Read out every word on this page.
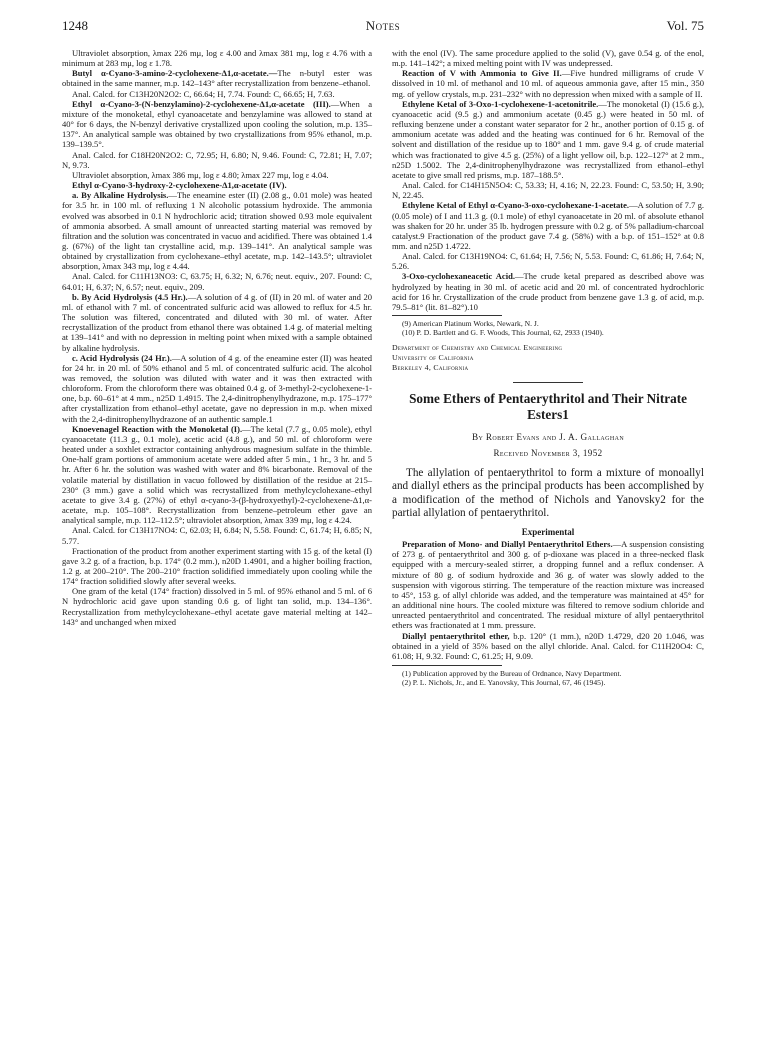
1248	Notes	Vol. 75

Ultraviolet absorption, λmax 226 mμ, log ε 4.00 and λmax 381 mμ, log ε 4.76 with a minimum at 283 mμ, log ε 1.78.

Butyl α-Cyano-3-amino-2-cyclohexene-Δ1,α-acetate.—The n-butyl ester was obtained in the same manner, m.p. 142–143° after recrystallization from benzene–ethanol.

Anal. Calcd. for C13H20N2O2: C, 66.64; H, 7.74. Found: C, 66.65; H, 7.63.

Ethyl α-Cyano-3-(N-benzylamino)-2-cyclohexene-Δ1,α-acetate (III).—When a mixture of the monoketal, ethyl cyanoacetate and benzylamine was allowed to stand at 40° for 6 days, the N-benzyl derivative crystallized upon cooling the solution, m.p. 135–137°. An analytical sample was obtained by two crystallizations from 95% ethanol, m.p. 139–139.5°.

Anal. Calcd. for C18H20N2O2: C, 72.95; H, 6.80; N, 9.46. Found: C, 72.81; H, 7.07; N, 9.73.

Ultraviolet absorption, λmax 386 mμ, log ε 4.80; λmax 227 mμ, log ε 4.04.

Ethyl α-Cyano-3-hydroxy-2-cyclohexene-Δ1,α-acetate (IV).

a. By Alkaline Hydrolysis.—The eneamine ester (II) (2.08 g., 0.01 mole) was heated for 3.5 hr. in 100 ml. of refluxing 1 N alcoholic potassium hydroxide. The ammonia evolved was absorbed in 0.1 N hydrochloric acid; titration showed 0.93 mole equivalent of ammonia absorbed. A small amount of unreacted starting material was removed by filtration and the solution was concentrated in vacuo and acidified. There was obtained 1.4 g. (67%) of the light tan crystalline acid, m.p. 139–141°. An analytical sample was obtained by crystallization from cyclohexane–ethyl acetate, m.p. 142–143.5°; ultraviolet absorption, λmax 343 mμ, log ε 4.44.

Anal. Calcd. for C11H13NO3: C, 63.75; H, 6.32; N, 6.76; neut. equiv., 207. Found: C, 64.01; H, 6.37; N, 6.57; neut. equiv., 209.

b. By Acid Hydrolysis (4.5 Hr.).—A solution of 4 g. of (II) in 20 ml. of water and 20 ml. of ethanol with 7 ml. of concentrated sulfuric acid was allowed to reflux for 4.5 hr. The solution was filtered, concentrated and diluted with 30 ml. of water. After recrystallization of the product from ethanol there was obtained 1.4 g. of material melting at 139–141° and with no depression in melting point when mixed with a sample obtained by alkaline hydrolysis.

c. Acid Hydrolysis (24 Hr.).—A solution of 4 g. of the eneamine ester (II) was heated for 24 hr. in 20 ml. of 50% ethanol and 5 ml. of concentrated sulfuric acid. The alcohol was removed, the solution was diluted with water and it was then extracted with chloroform. From the chloroform there was obtained 0.4 g. of 3-methyl-2-cyclohexene-1-one, b.p. 60–61° at 4 mm., n25D 1.4915. The 2,4-dinitrophenylhydrazone, m.p. 175–177° after crystallization from ethanol–ethyl acetate, gave no depression in m.p. when mixed with the 2,4-dinitrophenylhydrazone of an authentic sample.1

Knoevenagel Reaction with the Monoketal (I).—The ketal (7.7 g., 0.05 mole), ethyl cyanoacetate (11.3 g., 0.1 mole), acetic acid (4.8 g.), and 50 ml. of chloroform were heated under a soxhlet extractor containing anhydrous magnesium sulfate in the thimble. One-half gram portions of ammonium acetate were added after 5 min., 1 hr., 3 hr. and 5 hr. After 6 hr. the solution was washed with water and 8% bicarbonate. Removal of the volatile material by distillation in vacuo followed by distillation of the residue at 215–230° (3 mm.) gave a solid which was recrystallized from methylcyclohexane–ethyl acetate to give 3.4 g. (27%) of ethyl α-cyano-3-(β-hydroxyethyl)-2-cyclohexene-Δ1,α-acetate, m.p. 105–108°. Recrystallization from benzene–petroleum ether gave an analytical sample, m.p. 112–112.5°; ultraviolet absorption, λmax 339 mμ, log ε 4.24.

Anal. Calcd. for C13H17NO4: C, 62.03; H, 6.84; N, 5.58. Found: C, 61.74; H, 6.85; N, 5.77.

Fractionation of the product from another experiment starting with 15 g. of the ketal (I) gave 3.2 g. of a fraction, b.p. 174° (0.2 mm.), n20D 1.4901, and a higher boiling fraction, 1.2 g. at 200–210°. The 200–210° fraction solidified immediately upon cooling while the 174° fraction solidified slowly after several weeks.

One gram of the ketal (174° fraction) dissolved in 5 ml. of 95% ethanol and 5 ml. of 6 N hydrochloric acid gave upon standing 0.6 g. of light tan solid, m.p. 134–136°. Recrystallization from methylcyclohexane–ethyl acetate gave material melting at 142–143° and unchanged when mixed

with the enol (IV). The same procedure applied to the solid (V), gave 0.54 g. of the enol, m.p. 141–142°; a mixed melting point with IV was undepressed.

Reaction of V with Ammonia to Give II.—Five hundred milligrams of crude V dissolved in 10 ml. of methanol and 10 ml. of aqueous ammonia gave, after 15 min., 350 mg. of yellow crystals, m.p. 231–232° with no depression when mixed with a sample of II.

Ethylene Ketal of 3-Oxo-1-cyclohexene-1-acetonitrile.—The monoketal (I) (15.6 g.), cyanoacetic acid (9.5 g.) and ammonium acetate (0.45 g.) were heated in 50 ml. of refluxing benzene under a constant water separator for 2 hr., another portion of 0.15 g. of ammonium acetate was added and the heating was continued for 6 hr. Removal of the solvent and distillation of the residue up to 180° and 1 mm. gave 9.4 g. of crude material which was fractionated to give 4.5 g. (25%) of a light yellow oil, b.p. 122–127° at 2 mm., n25D 1.5002. The 2,4-dinitrophenylhydrazone was recrystallized from ethanol–ethyl acetate to give small red prisms, m.p. 187–188.5°.

Anal. Calcd. for C14H15N5O4: C, 53.33; H, 4.16; N, 22.23. Found: C, 53.50; H, 3.90; N, 22.45.

Ethylene Ketal of Ethyl α-Cyano-3-oxo-cyclohexane-1-acetate.—A solution of 7.7 g. (0.05 mole) of I and 11.3 g. (0.1 mole) of ethyl cyanoacetate in 20 ml. of absolute ethanol was shaken for 20 hr. under 35 lb. hydrogen pressure with 0.2 g. of 5% palladium-charcoal catalyst.9 Fractionation of the product gave 7.4 g. (58%) with a b.p. of 151–152° at 0.8 mm. and n25D 1.4722.

Anal. Calcd. for C13H19NO4: C, 61.64; H, 7.56; N, 5.53. Found: C, 61.86; H, 7.64; N, 5.26.

3-Oxo-cyclohexaneacetic Acid.—The crude ketal prepared as described above was hydrolyzed by heating in 30 ml. of acetic acid and 20 ml. of concentrated hydrochloric acid for 16 hr. Crystallization of the crude product from benzene gave 1.3 g. of acid, m.p. 79.5–81° (lit. 81–82°).10

(9) American Platinum Works, Newark, N. J.

(10) P. D. Bartlett and G. F. Woods, This Journal, 62, 2933 (1940).

Department of Chemistry and Chemical Engineering
University of California
Berkeley 4, California
Some Ethers of Pentaerythritol and Their Nitrate Esters1
By Robert Evans and J. A. Gallaghan
Received November 3, 1952

The allylation of pentaerythritol to form a mixture of monoallyl and diallyl ethers as the principal products has been accomplished by a modification of the method of Nichols and Yanovsky2 for the partial allylation of pentaerythritol.

Experimental

Preparation of Mono- and Diallyl Pentaerythritol Ethers.—A suspension consisting of 273 g. of pentaerythritol and 300 g. of p-dioxane was placed in a three-necked flask equipped with a mercury-sealed stirrer, a dropping funnel and a reflux condenser. A mixture of 80 g. of sodium hydroxide and 36 g. of water was slowly added to the suspension with vigorous stirring. The temperature of the reaction mixture was increased to 45°, 153 g. of allyl chloride was added, and the temperature was maintained at 45° for an additional nine hours. The cooled mixture was filtered to remove sodium chloride and unreacted pentaerythritol and concentrated. The residual mixture of allyl pentaerythritol ethers was fractionated at 1 mm. pressure.

Diallyl pentaerythritol ether, b.p. 120° (1 mm.), n20D 1.4729, d20 20 1.046, was obtained in a yield of 35% based on the allyl chloride. Anal. Calcd. for C11H20O4: C, 61.08; H, 9.32. Found: C, 61.25; H, 9.09.

(1) Publication approved by the Bureau of Ordnance, Navy Department.

(2) P. L. Nichols, Jr., and E. Yanovsky, This Journal, 67, 46 (1945).
